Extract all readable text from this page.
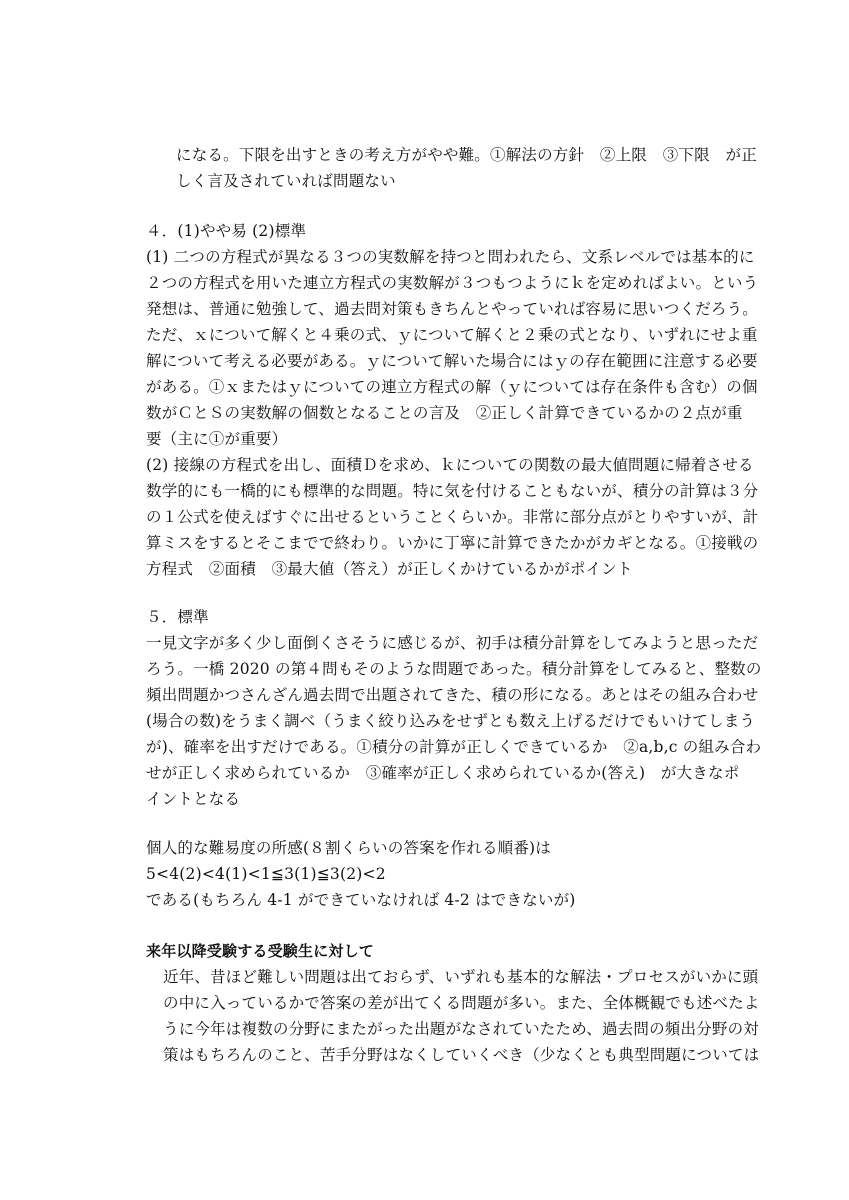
になる。下限を出すときの考え方がやや難。①解法の方針　②上限　③下限　が正
しく言及されていれば問題ない
４．(1)やや易 (2)標準
(1) 二つの方程式が異なる３つの実数解を持つと問われたら、文系レベルでは基本的に
２つの方程式を用いた連立方程式の実数解が３つもつようにｋを定めればよい。という
発想は、普通に勉強して、過去問対策もきちんとやっていれば容易に思いつくだろう。
ただ、ｘについて解くと４乗の式、ｙについて解くと２乗の式となり、いずれにせよ重
解について考える必要がある。ｙについて解いた場合にはｙの存在範囲に注意する必要
がある。①ｘまたはｙについての連立方程式の解（ｙについては存在条件も含む）の個
数がＣとＳの実数解の個数となることの言及　②正しく計算できているかの２点が重
要（主に①が重要）
(2) 接線の方程式を出し、面積Ｄを求め、ｋについての関数の最大値問題に帰着させる
数学的にも一橋的にも標準的な問題。特に気を付けることもないが、積分の計算は３分
の１公式を使えばすぐに出せるということくらいか。非常に部分点がとりやすいが、計
算ミスをするとそこまでで終わり。いかに丁寧に計算できたかがカギとなる。①接戦の
方程式　②面積　③最大値（答え）が正しくかけているかがポイント
５．標準
一見文字が多く少し面倒くさそうに感じるが、初手は積分計算をしてみようと思っただ
ろう。一橋 2020 の第４問もそのような問題であった。積分計算をしてみると、整数の
頻出問題かつさんざん過去問で出題されてきた、積の形になる。あとはその組み合わせ
(場合の数)をうまく調べ（うまく絞り込みをせずとも数え上げるだけでもいけてしまう
が)、確率を出すだけである。①積分の計算が正しくできているか　②a,b,c の組み合わ
せが正しく求められているか　③確率が正しく求められているか(答え)　が大きなポ
イントとなる
個人的な難易度の所感(８割くらいの答案を作れる順番)は
5<4(2)<4(1)<1≦3(1)≦3(2)<2
である(もちろん 4-1 ができていなければ 4-2 はできないが)
来年以降受験する受験生に対して
近年、昔ほど難しい問題は出ておらず、いずれも基本的な解法・プロセスがいかに頭
の中に入っているかで答案の差が出てくる問題が多い。また、全体概観でも述べたよ
うに今年は複数の分野にまたがった出題がなされていたため、過去問の頻出分野の対
策はもちろんのこと、苦手分野はなくしていくべき（少なくとも典型問題については
